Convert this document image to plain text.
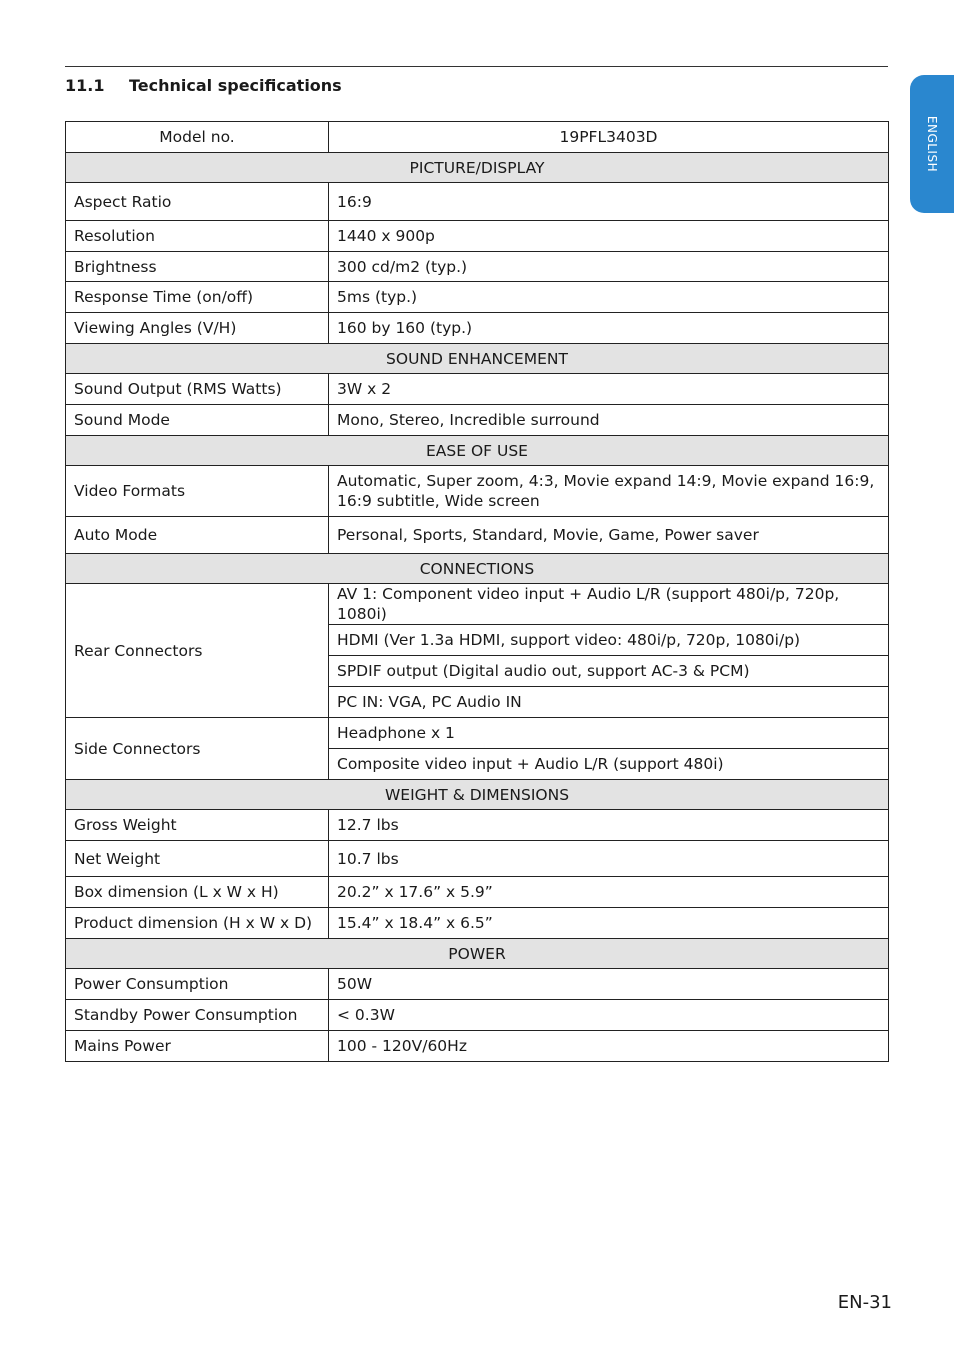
11.1 Technical specifications
ENGLISH
Model no.	19PFL3403D
PICTURE/DISPLAY	
Aspect Ratio	16:9
Resolution	1440 x 900p
Brightness	300 cd/m2 (typ.)
Response Time (on/off)	5ms (typ.)
Viewing Angles (V/H)	160 by 160 (typ.)
SOUND ENHANCEMENT	
Sound Output (RMS Watts)	3W x 2
Sound Mode	Mono, Stereo, Incredible surround
EASE OF USE	
Video Formats	Automatic, Super zoom, 4:3, Movie expand 14:9, Movie expand 16:9, 16:9 subtitle, Wide screen
Auto Mode	Personal, Sports, Standard, Movie, Game, Power saver
CONNECTIONS	
Rear Connectors	AV 1: Component video input + Audio L/R (support 480i/p, 720p, 1080i)
	HDMI (Ver 1.3a HDMI, support video: 480i/p, 720p, 1080i/p)
	SPDIF output (Digital audio out, support AC-3 & PCM)
	PC IN: VGA, PC Audio IN
Side Connectors	Headphone x 1
	Composite video input + Audio L/R (support 480i)
WEIGHT & DIMENSIONS	
Gross Weight	12.7 lbs
Net Weight	10.7 lbs
Box dimension (L x W x H)	20.2” x 17.6” x 5.9”
Product dimension (H x W x D)	15.4” x 18.4” x 6.5”
POWER	
Power Consumption	50W
Standby Power Consumption	< 0.3W
Mains Power	100 - 120V/60Hz
EN-31
